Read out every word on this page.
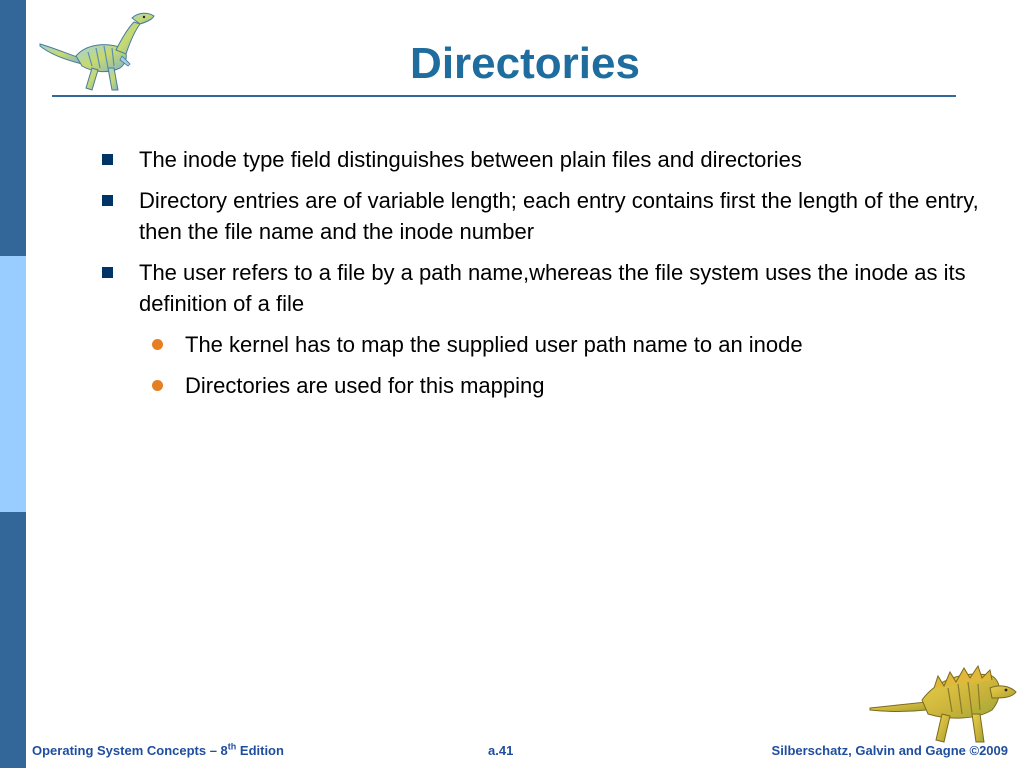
Directories
The inode type field distinguishes between plain files and directories
Directory entries are of variable length; each entry contains first the length of the entry, then the file name and the inode number
The user refers to a file by a path name,whereas the file system uses the inode as its definition of a file
The kernel has to map the supplied user path name to an inode
Directories are used for this mapping
Operating System Concepts – 8th Edition	a.41	Silberschatz, Galvin and Gagne ©2009
